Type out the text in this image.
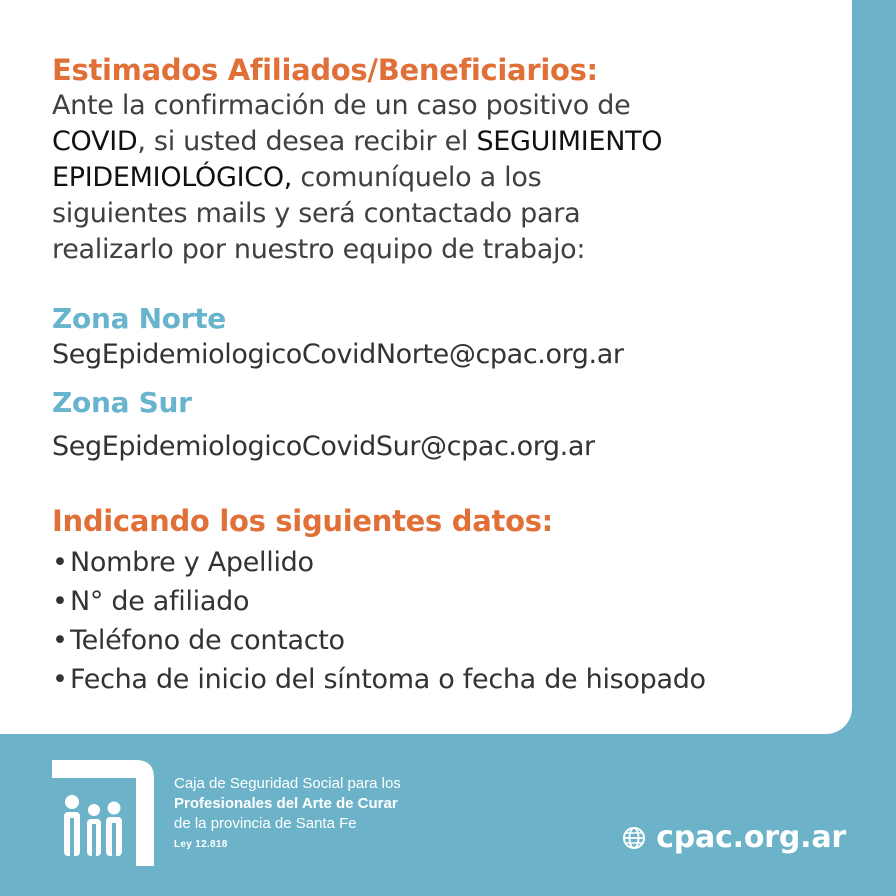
Estimados Afiliados/Beneficiarios:

Ante la confirmación de un caso positivo de
COVID, si usted desea recibir el SEGUIMIENTO
EPIDEMIOLÓGICO, comuníquelo a los
siguientes mails y será contactado para
realizarlo por nuestro equipo de trabajo:

Zona Norte
SegEpidemiologicoCovidNorte@cpac.org.ar
Zona Sur
SegEpidemiologicoCovidSur@cpac.org.ar

Indicando los siguientes datos:

•Nombre y Apellido
•N° de afiliado
•Teléfono de contacto
•Fecha de inicio del síntoma o fecha de hisopado
Caja de Seguridad Social para los
Profesionales del Arte de Curar
de la provincia de Santa Fe
Ley 12.818	cpac.org.ar
